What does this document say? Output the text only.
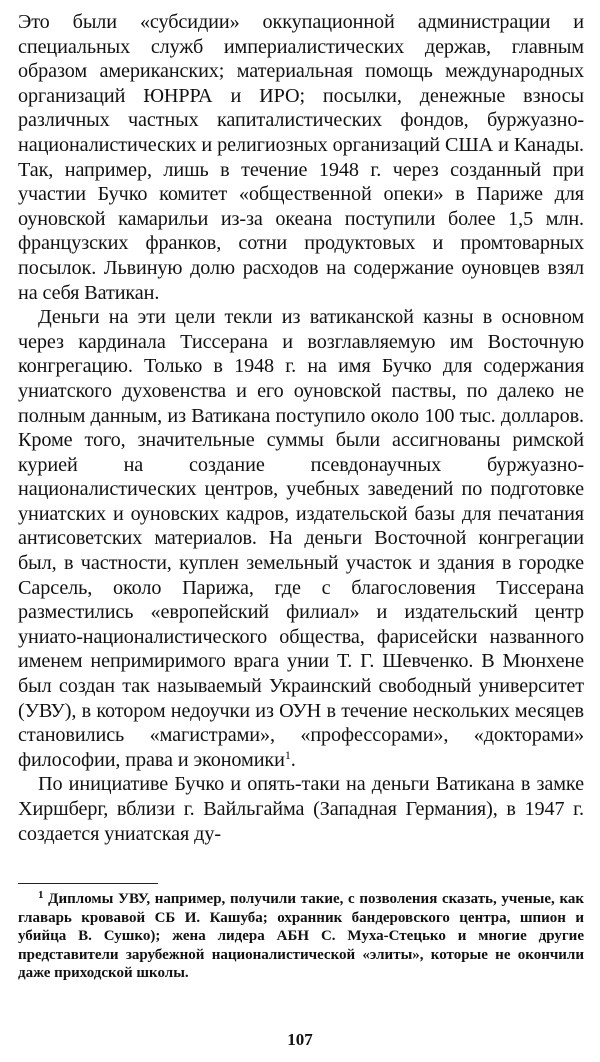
Это были «субсидии» оккупационной администрации и специальных служб империалистических держав, главным образом американских; материальная помощь международных организаций ЮНРРА и ИРО; посылки, денежные взносы различных частных капиталистических фондов, буржуазно-националистических и религиозных организаций США и Канады. Так, например, лишь в течение 1948 г. через созданный при участии Бучко комитет «общественной опеки» в Париже для оуновской камарильи из-за океана поступили более 1,5 млн. французских франков, сотни продуктовых и промтоварных посылок. Львиную долю расходов на содержание оуновцев взял на себя Ватикан.

Деньги на эти цели текли из ватиканской казны в основном через кардинала Тиссерана и возглавляемую им Восточную конгрегацию. Только в 1948 г. на имя Бучко для содержания униатского духовенства и его оуновской паствы, по далеко не полным данным, из Ватикана поступило около 100 тыс. долларов. Кроме того, значительные суммы были ассигнованы римской курией на создание псевдонаучных буржуазно-националистических центров, учебных заведений по подготовке униатских и оуновских кадров, издательской базы для печатания антисоветских материалов. На деньги Восточной конгрегации был, в частности, куплен земельный участок и здания в городке Сарсель, около Парижа, где с благословения Тиссерана разместились «европейский филиал» и издательский центр униато-националистического общества, фарисейски названного именем непримиримого врага унии Т. Г. Шевченко. В Мюнхене был создан так называемый Украинский свободный университет (УВУ), в котором недоучки из ОУН в течение нескольких месяцев становились «магистрами», «профессорами», «докторами» философии, права и экономики$^1$.

По инициативе Бучко и опять-таки на деньги Ватикана в замке Хиршберг, вблизи г. Вайльгайма (Западная Германия), в 1947 г. создается униатская ду-

$^1$ Дипломы УВУ, например, получили такие, с позволения сказать, ученые, как главарь кровавой СБ И. Кашуба; охранник бандеровского центра, шпион и убийца В. Сушко); жена лидера АБН С. Муха-Стецько и многие другие представители зарубежной националистической «элиты», которые не окончили даже приходской школы.

107
